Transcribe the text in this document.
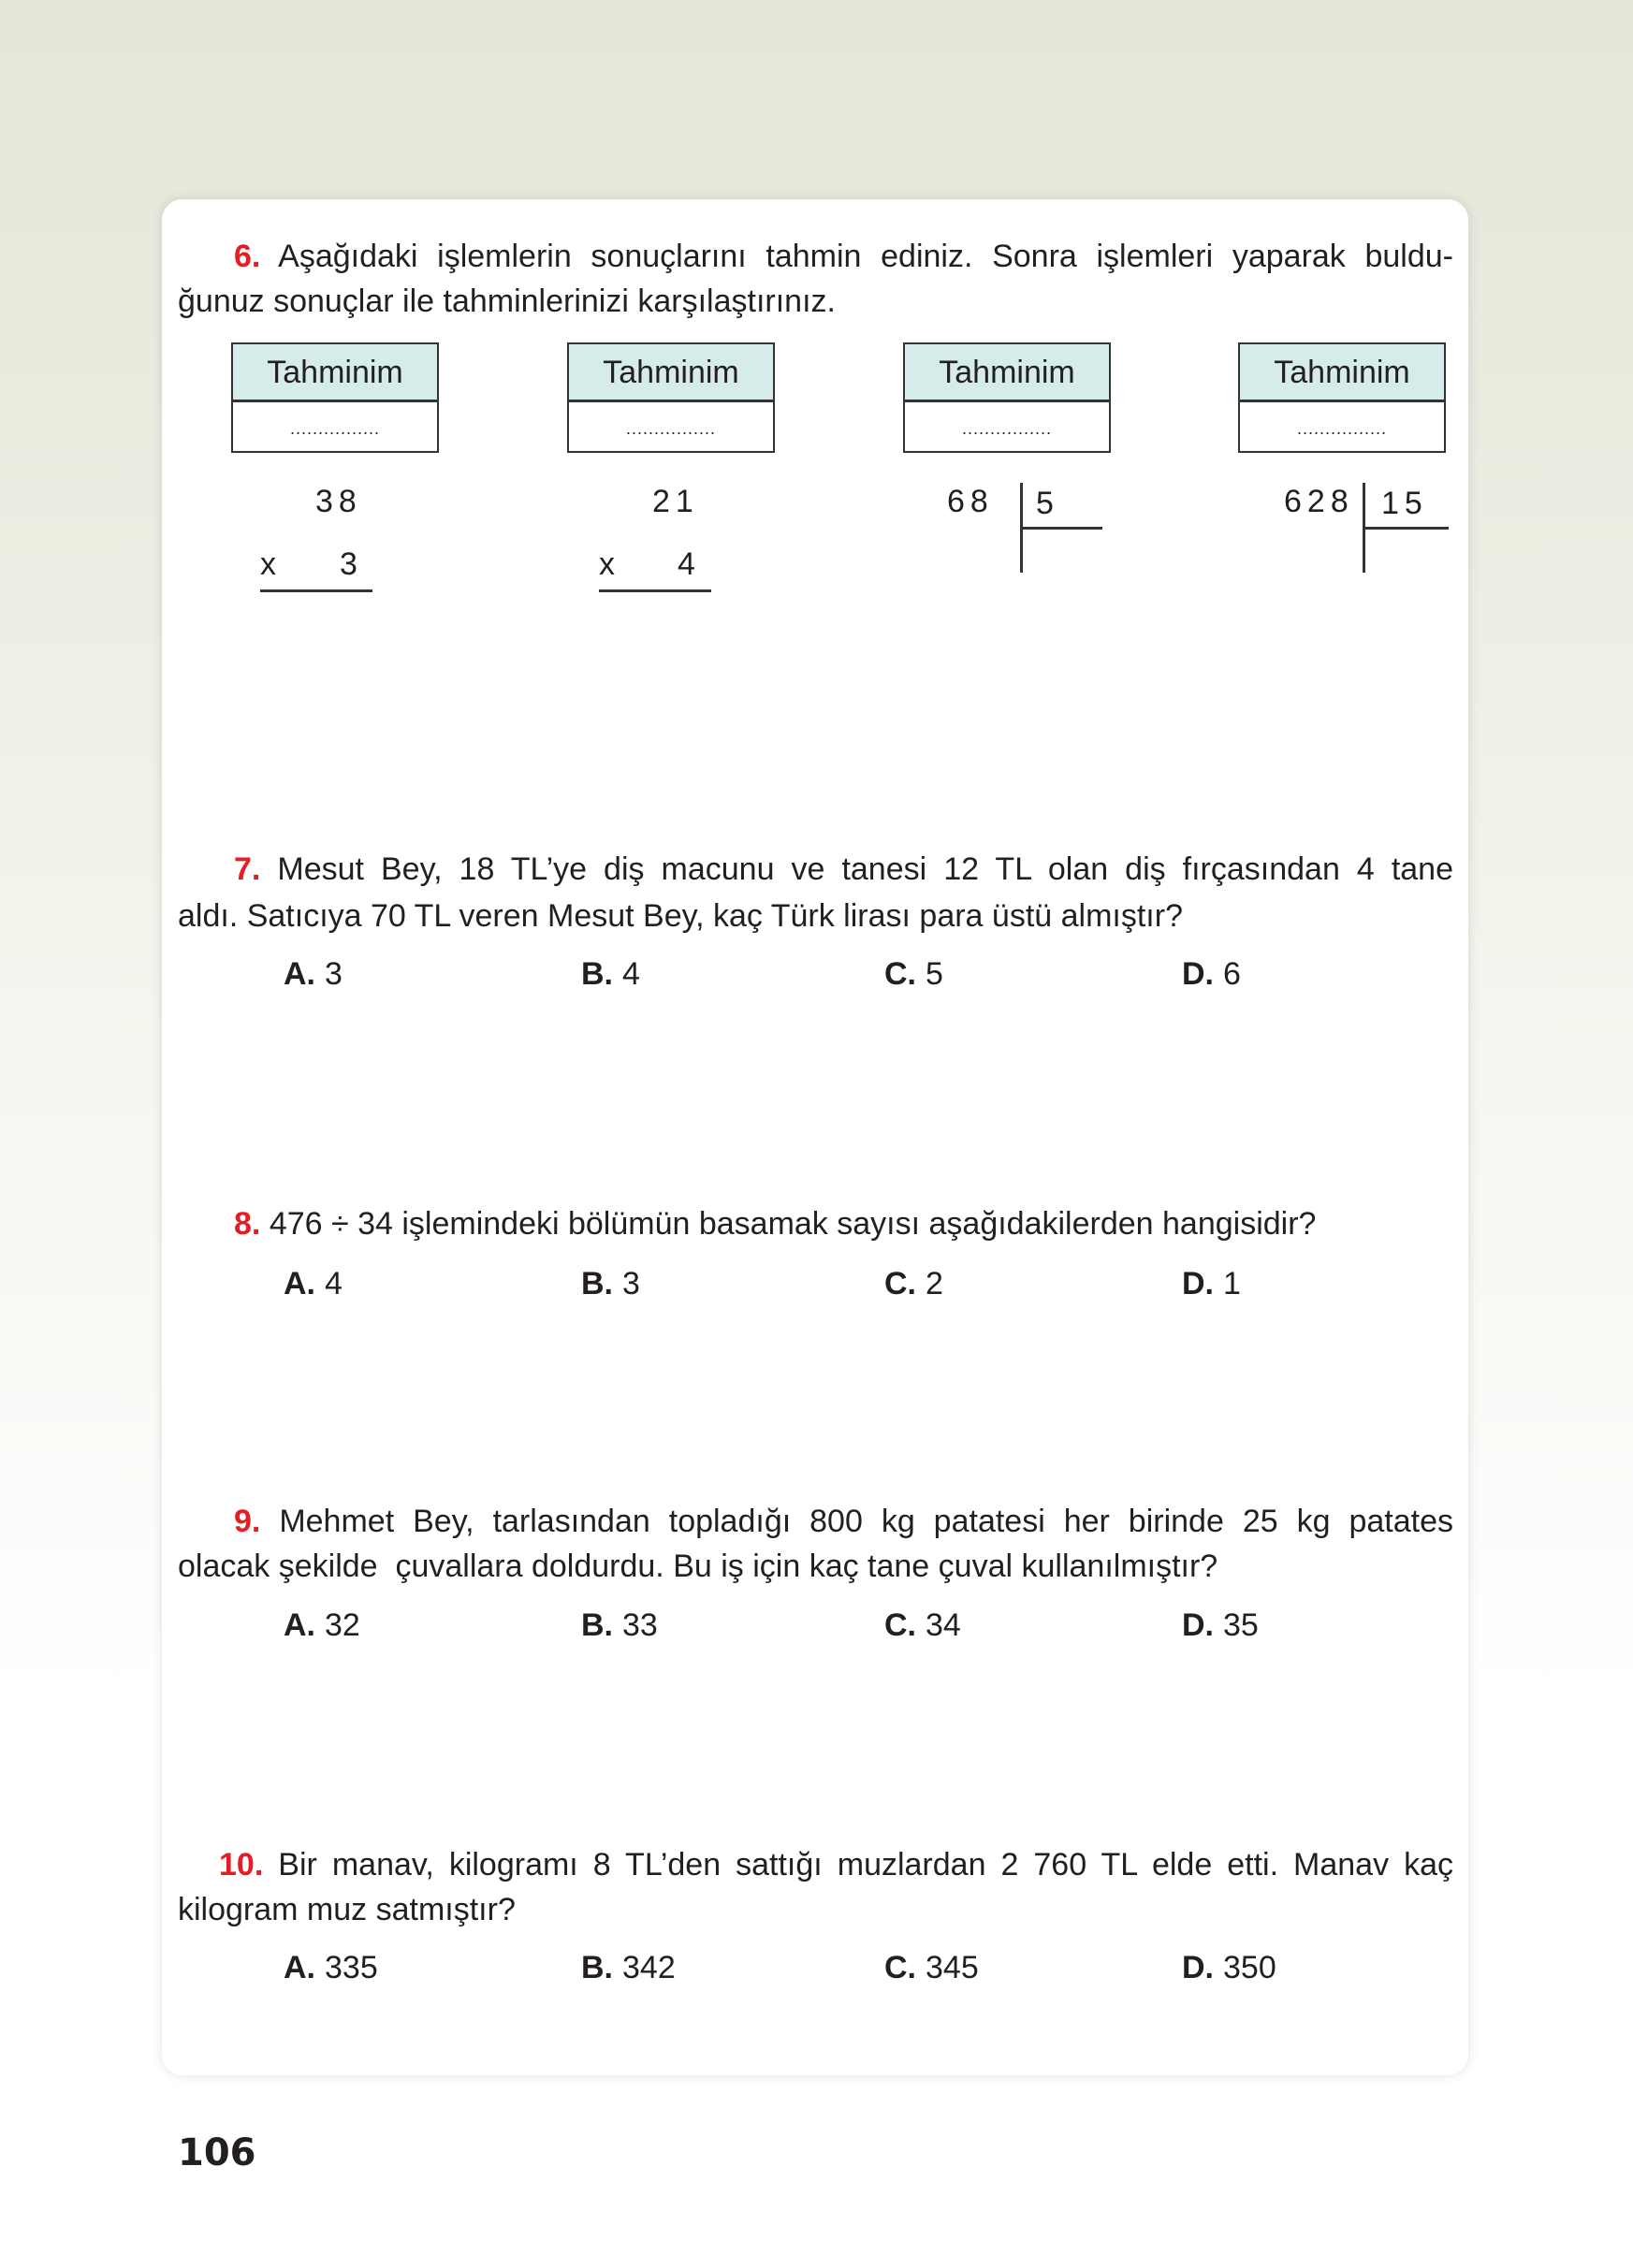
6. Aşağıdaki işlemlerin sonuçlarını tahmin ediniz. Sonra işlemleri yaparak buldu-
ğunuz sonuçlar ile tahminlerinizi karşılaştırınız.
Tahminim
................
Tahminim
................
Tahminim
................
Tahminim
................
38
x 3
21
x 4
68 5	628 15
7. Mesut Bey, 18 TL’ye diş macunu ve tanesi 12 TL olan diş fırçasından 4 tane
aldı. Satıcıya 70 TL veren Mesut Bey, kaç Türk lirası para üstü almıştır?
A. 3	B. 4	C. 5	D. 6
8. 476 ÷ 34 işlemindeki bölümün basamak sayısı aşağıdakilerden hangisidir?
A. 4	B. 3	C. 2	D. 1
9. Mehmet Bey, tarlasından topladığı 800 kg patatesi her birinde 25 kg patates
olacak şekilde  çuvallara doldurdu. Bu iş için kaç tane çuval kullanılmıştır?
A. 32	B. 33	C. 34	D. 35
10. Bir manav, kilogramı 8 TL’den sattığı muzlardan 2 760 TL elde etti. Manav kaç
kilogram muz satmıştır?
A. 335	B. 342	C. 345	D. 350
106
